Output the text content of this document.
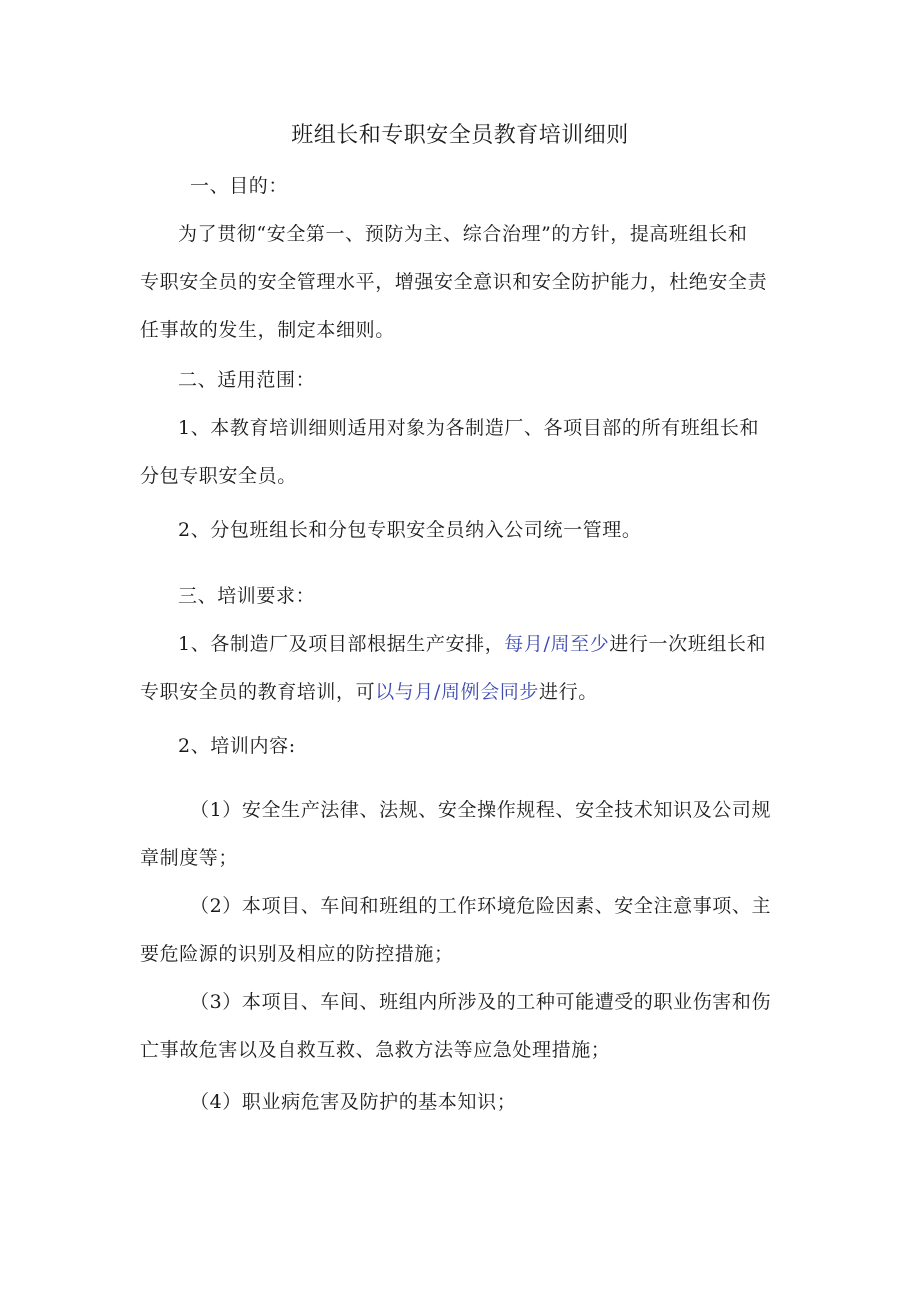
班组长和专职安全员教育培训细则
一、目的：
为了贯彻“安全第一、预防为主、综合治理”的方针，提高班组长和
专职安全员的安全管理水平，增强安全意识和安全防护能力，杜绝安全责
任事故的发生，制定本细则。
二、适用范围：
1、本教育培训细则适用对象为各制造厂、各项目部的所有班组长和
分包专职安全员。
2、分包班组长和分包专职安全员纳入公司统一管理。
三、培训要求：
1、各制造厂及项目部根据生产安排，每月/周至少进行一次班组长和
专职安全员的教育培训，可以与月/周例会同步进行。
2、培训内容:
（1）安全生产法律、法规、安全操作规程、安全技术知识及公司规
章制度等；
（2）本项目、车间和班组的工作环境危险因素、安全注意事项、主
要危险源的识别及相应的防控措施；
（3）本项目、车间、班组内所涉及的工种可能遭受的职业伤害和伤
亡事故危害以及自救互救、急救方法等应急处理措施；
（4）职业病危害及防护的基本知识；
